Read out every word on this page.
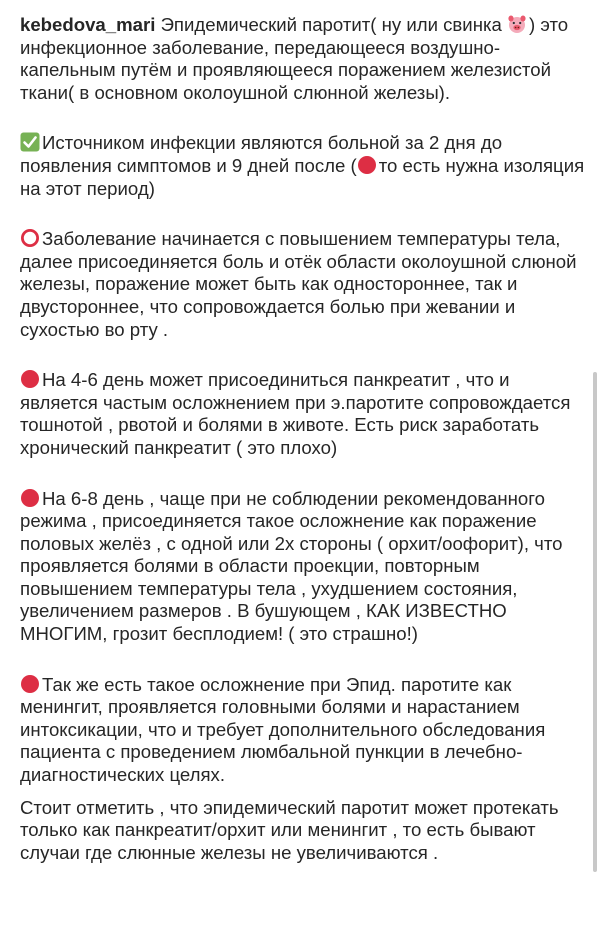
kebedova_mari Эпидемический паротит( ну или свинка
) это инфекционное заболевание, передающееся воздушно-капельным путём и проявляющееся поражением железистой ткани( в основном околоушной слюнной железы).

Источником инфекции являются больной за 2 дня до появления симптомов и 9 дней после ( то есть нужна изоляция на этот период)

Заболевание начинается с повышением температуры тела, далее присоединяется боль и отёк области околоушной слюной железы, поражение может быть как одностороннее, так и двустороннее, что сопровождается болью при жевании и сухостью во рту .

На 4-6 день может присоединиться панкреатит , что и является частым осложнением при э.паротите сопровождается тошнотой , рвотой и болями в животе. Есть риск заработать хронический панкреатит ( это плохо)

На 6-8 день , чаще при не соблюдении рекомендованного режима , присоединяется такое осложнение как поражение половых желёз , с одной или 2х стороны ( орхит/оофорит), что проявляется болями в области проекции, повторным повышением температуры тела , ухудшением состояния, увеличением размеров . В бушующем , КАК ИЗВЕСТНО МНОГИМ, грозит бесплодием! ( это страшно!)

Так же есть такое осложнение при Эпид. паротите как менингит, проявляется головными болями и нарастанием интоксикации, что и требует дополнительного обследования пациента с проведением люмбальной пункции в лечебно- диагностических целях.

Стоит отметить , что эпидемический паротит может протекать только как панкреатит/орхит или менингит , то есть бывают случаи где слюнные железы не увеличиваются .
